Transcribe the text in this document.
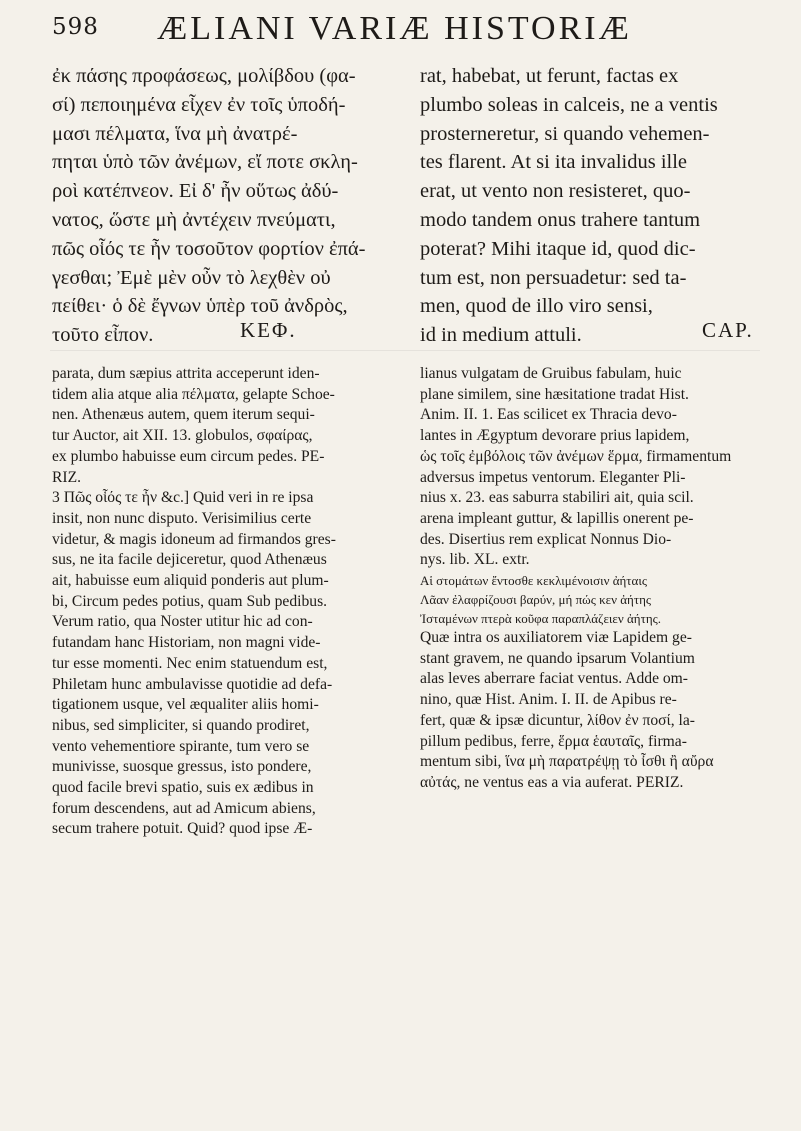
598 ÆLIANI VARIÆ HISTORIÆ
ἐκ πάσης προφάσεως, μολίβδου (φα-
σί) πεποιημένα εἶχεν ἐν τοῖς ὑποδή-
μασι πέλματα, ἵνα μὴ ἀνατρέ-
πηται ὑπὸ τῶν ἀνέμων, εἴ ποτε σκλη-
ροὶ κατέπνεον. Εἰ δ' ἦν οὕτως ἀδύ-
νατος, ὥστε μὴ ἀντέχειν πνεύματι,
πῶς οἷός τε ἦν τοσοῦτον φορτίον ἐπά-
γεσθαι; Ἐμὲ μὲν οὖν τὸ λεχθὲν οὐ
πείθει· ὁ δὲ ἔγνων ὑπὲρ τοῦ ἀνδρὸς,
τοῦτο εἶπον.
rat, habebat, ut ferunt, factas ex
plumbo soleas in calceis, ne a ventis
prosterneretur, si quando vehemen-
tes flarent. At si ita invalidus ille
erat, ut vento non resisteret, quo-
modo tandem onus trahere tantum
poterat? Mihi itaque id, quod dic-
tum est, non persuadetur: sed ta-
men, quod de illo viro sensi,
id in medium attuli.
ΚΕΦ.	CAP.
parata, dum sæpius attrita acceperunt iden-
tidem alia atque alia πέλματα, gelapte Schoe-
nen. Athenæus autem, quem iterum sequi-
tur Auctor, ait XII. 13. globulos, σφαίρας,
ex plumbo habuisse eum circum pedes. PE-
RIZ.
3 Πῶς οἷός τε ἦν &c.] Quid veri in re ipsa
insit, non nunc disputo. Verisimilius certe
videtur, & magis idoneum ad firmandos gres-
sus, ne ita facile dejiceretur, quod Athenæus
ait, habuisse eum aliquid ponderis aut plum-
bi, Circum pedes potius, quam Sub pedibus.
Verum ratio, qua Noster utitur hic ad con-
futandam hanc Historiam, non magni vide-
tur esse momenti. Nec enim statuendum est,
Philetam hunc ambulavisse quotidie ad defa-
tigationem usque, vel æqualiter aliis homi-
nibus, sed simpliciter, si quando prodiret,
vento vehementiore spirante, tum vero se
munivisse, suosque gressus, isto pondere,
quod facile brevi spatio, suis ex ædibus in
forum descendens, aut ad Amicum abiens,
secum trahere potuit. Quid? quod ipse Æ-
lianus vulgatam de Gruibus fabulam, huic
plane similem, sine hæsitatione tradat Hist.
Anim. II. 1. Eas scilicet ex Thracia devo-
lantes in Ægyptum devorare prius lapidem,
ὡς τοῖς ἐμβόλοις τῶν ἀνέμων ἕρμα, firmamentum
adversus impetus ventorum. Eleganter Pli-
nius x. 23. eas saburra stabiliri ait, quia scil.
arena impleant guttur, & lapillis onerent pe-
des. Disertius rem explicat Nonnus Dio-
nys. lib. XL. extr.
Αἱ στομάτων ἔντοσθε κεκλιμένοισιν ἀήταις
Λᾶαν ἐλαφρίζουσι βαρύν, μή πώς κεν ἀήτης
Ἰσταμένων πτερὰ κοῦφα παραπλάζειεν ἀήτης.
Quæ intra os auxiliatorem viæ Lapidem ge-
stant gravem, ne quando ipsarum Volantium
alas leves aberrare faciat ventus. Adde om-
nino, quæ Hist. Anim. I. II. de Apibus re-
fert, quæ & ipsæ dicuntur, λίθον ἐν ποσί, la-
pillum pedibus, ferre, ἕρμα ἑαυταῖς, firma-
mentum sibi, ἵνα μὴ παρατρέψῃ τὸ ἶσθι ἢ αὔρα
αὐτάς, ne ventus eas a via auferat. PERIZ.
